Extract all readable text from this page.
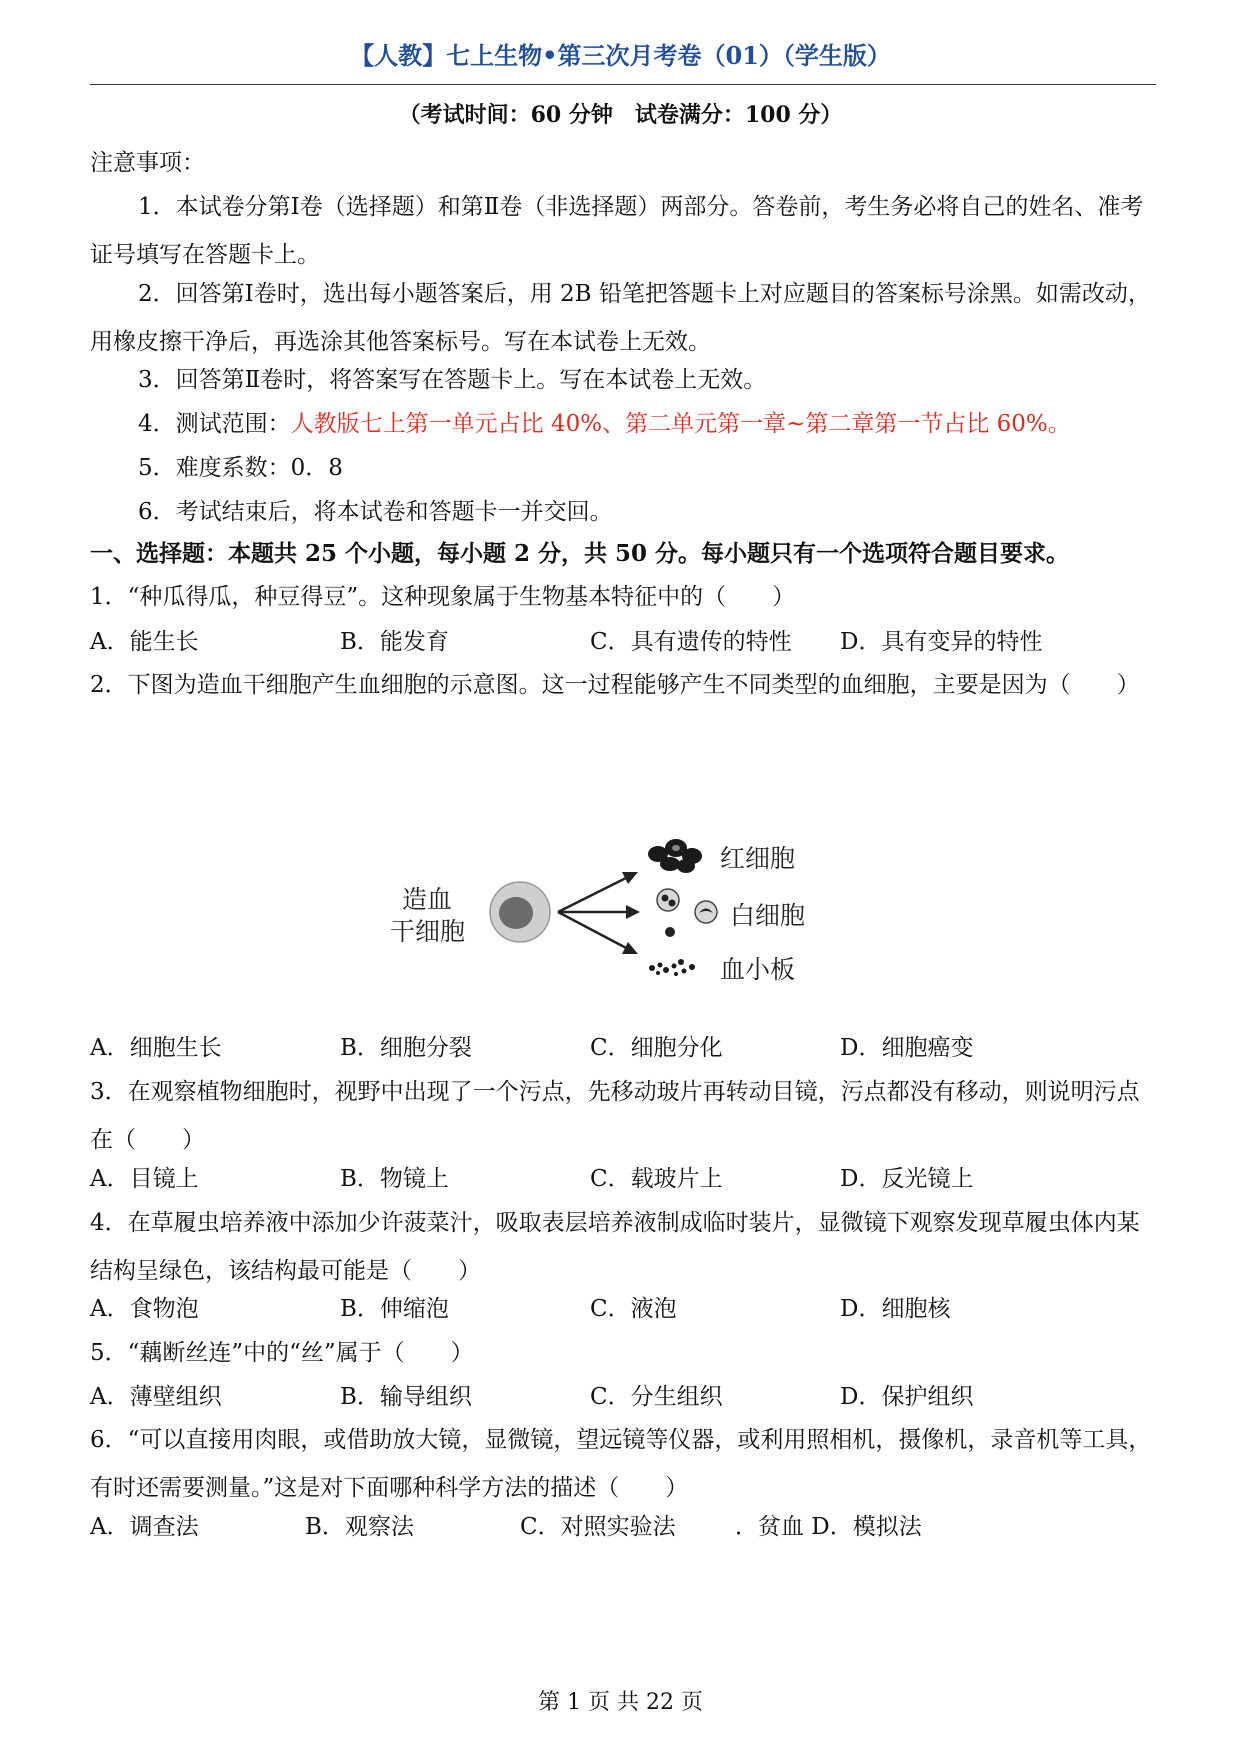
【人教】七上生物•第三次月考卷（01）（学生版）
（考试时间：60 分钟　试卷满分：100 分）
注意事项：
1．本试卷分第Ⅰ卷（选择题）和第Ⅱ卷（非选择题）两部分。答卷前，考生务必将自己的姓名、准考证号填写在答题卡上。
2．回答第Ⅰ卷时，选出每小题答案后，用 2B 铅笔把答题卡上对应题目的答案标号涂黑。如需改动，用橡皮擦干净后，再选涂其他答案标号。写在本试卷上无效。
3．回答第Ⅱ卷时，将答案写在答题卡上。写在本试卷上无效。
4．测试范围：人教版七上第一单元占比 40%、第二单元第一章~第二章第一节占比 60%。
5．难度系数：0．8
6．考试结束后，将本试卷和答题卡一并交回。
一、选择题：本题共 25 个小题，每小题 2 分，共 50 分。每小题只有一个选项符合题目要求。
1．“种瓜得瓜，种豆得豆”。这种现象属于生物基本特征中的（　　）
A．能生长	B．能发育	C．具有遗传的特性 D．具有变异的特性
2．下图为造血干细胞产生血细胞的示意图。这一过程能够产生不同类型的血细胞，主要是因为（　　）
造血
干细胞
红细胞
白细胞
血小板
A．细胞生长	B．细胞分裂	C．细胞分化	D．细胞癌变
3．在观察植物细胞时，视野中出现了一个污点，先移动玻片再转动目镜，污点都没有移动，则说明污点在（　　）
A．目镜上	B．物镜上	C．载玻片上	D．反光镜上
4．在草履虫培养液中添加少许菠菜汁，吸取表层培养液制成临时装片，显微镜下观察发现草履虫体内某结构呈绿色，该结构最可能是（　　）
A．食物泡	B．伸缩泡	C．液泡	D．细胞核
5．“藕断丝连”中的“丝”属于（　　）
A．薄壁组织	B．输导组织	C．分生组织	D．保护组织
6．“可以直接用肉眼，或借助放大镜，显微镜，望远镜等仪器，或利用照相机，摄像机，录音机等工具，有时还需要测量。”这是对下面哪种科学方法的描述（　　）
A．调查法	B．观察法	C．对照实验法	．贫血 D．模拟法
第 1 页 共 22 页
